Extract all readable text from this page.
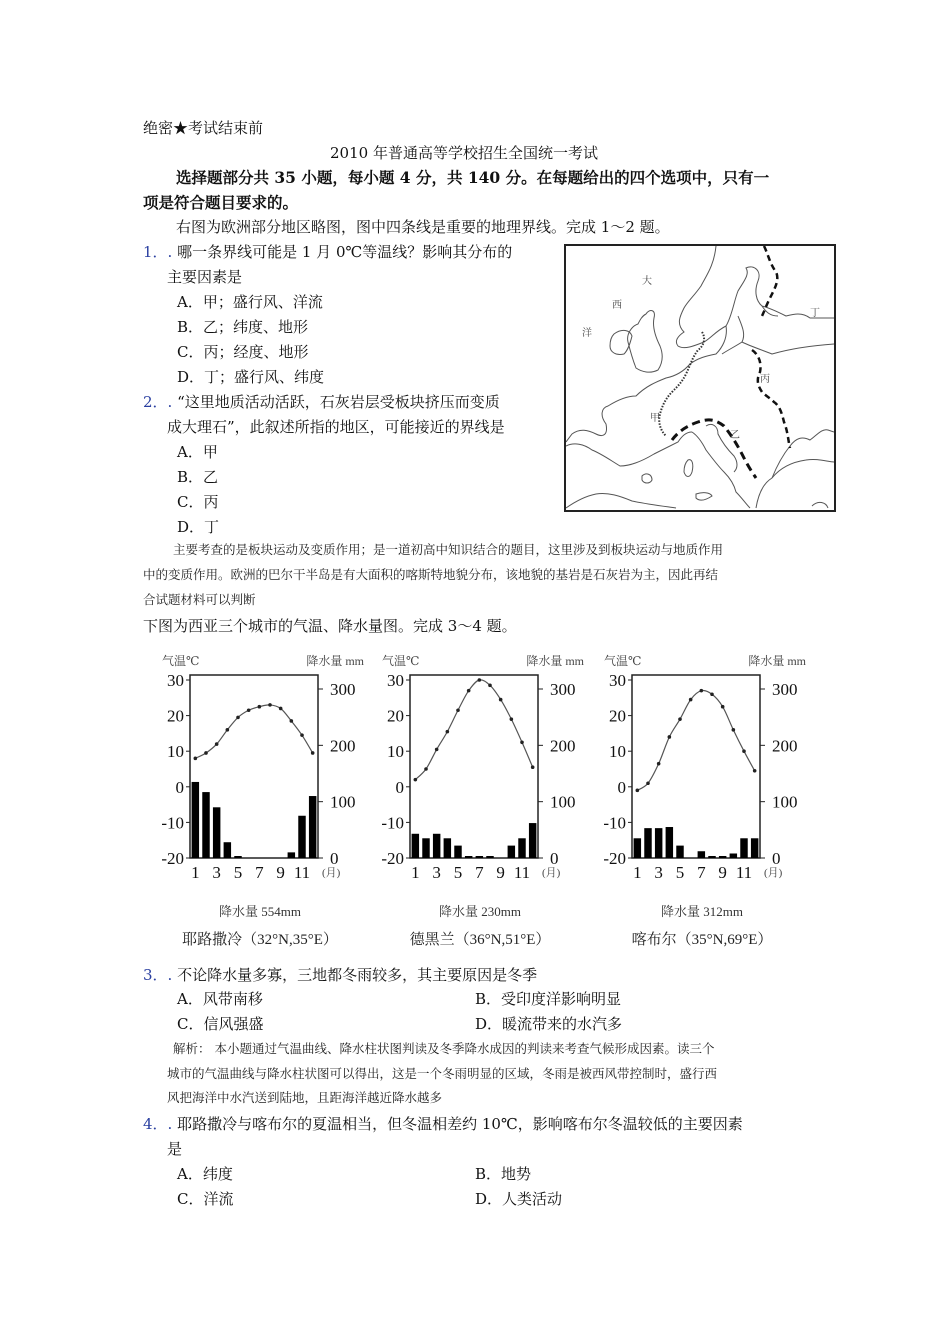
绝密★考试结束前
2010 年普通高等学校招生全国统一考试
选择题部分共 35 小题，每小题 4 分，共 140 分。在每题给出的四个选项中，只有一
项是符合题目要求的。
右图为欧洲部分地区略图，图中四条线是重要的地理界线。完成 1～2 题。
1．. 哪一条界线可能是 1 月 0℃等温线？影响其分布的
主要因素是
A．甲；盛行风、洋流
B．乙；纬度、地形
C．丙；经度、地形
D．丁；盛行风、纬度
2．. “这里地质活动活跃，石灰岩层受板块挤压而变质
成大理石”，此叙述所指的地区，可能接近的界线是
A．甲
B．乙
C．丙
D．丁
大
西
洋
甲
乙
丙
丁
主要考查的是板块运动及变质作用；是一道初高中知识结合的题目，这里涉及到板块运动与地质作用
中的变质作用。欧洲的巴尔干半岛是有大面积的喀斯特地貌分布，该地貌的基岩是石灰岩为主，因此再结
合试题材料可以判断
下图为西亚三个城市的气温、降水量图。完成 3～4 题。
气温℃	降水量 mm
30
20
10
0
-10
-20
300
200
100
0
1 3 5 7 9 11 (月)
降水量 554mm
耶路撒冷（32°N,35°E）
气温℃	降水量 mm
30
20
10
0
-10
-20
300
200
100
0
1 3 5 7 9 11 (月)
降水量 230mm
德黑兰（36°N,51°E）
气温℃	降水量 mm
30
20
10
0
-10
-20
300
200
100
0
1 3 5 7 9 11 (月)
降水量 312mm
喀布尔（35°N,69°E）
3．. 不论降水量多寡，三地都冬雨较多，其主要原因是冬季
A．风带南移	B．受印度洋影响明显
C．信风强盛	D．暖流带来的水汽多
解析： 本小题通过气温曲线、降水柱状图判读及冬季降水成因的判读来考查气候形成因素。读三个
城市的气温曲线与降水柱状图可以得出，这是一个冬雨明显的区域，冬雨是被西风带控制时，盛行西
风把海洋中水汽送到陆地，且距海洋越近降水越多
4．. 耶路撒冷与喀布尔的夏温相当，但冬温相差约 10℃，影响喀布尔冬温较低的主要因素
是
A．纬度	B．地势
C．洋流	D．人类活动
